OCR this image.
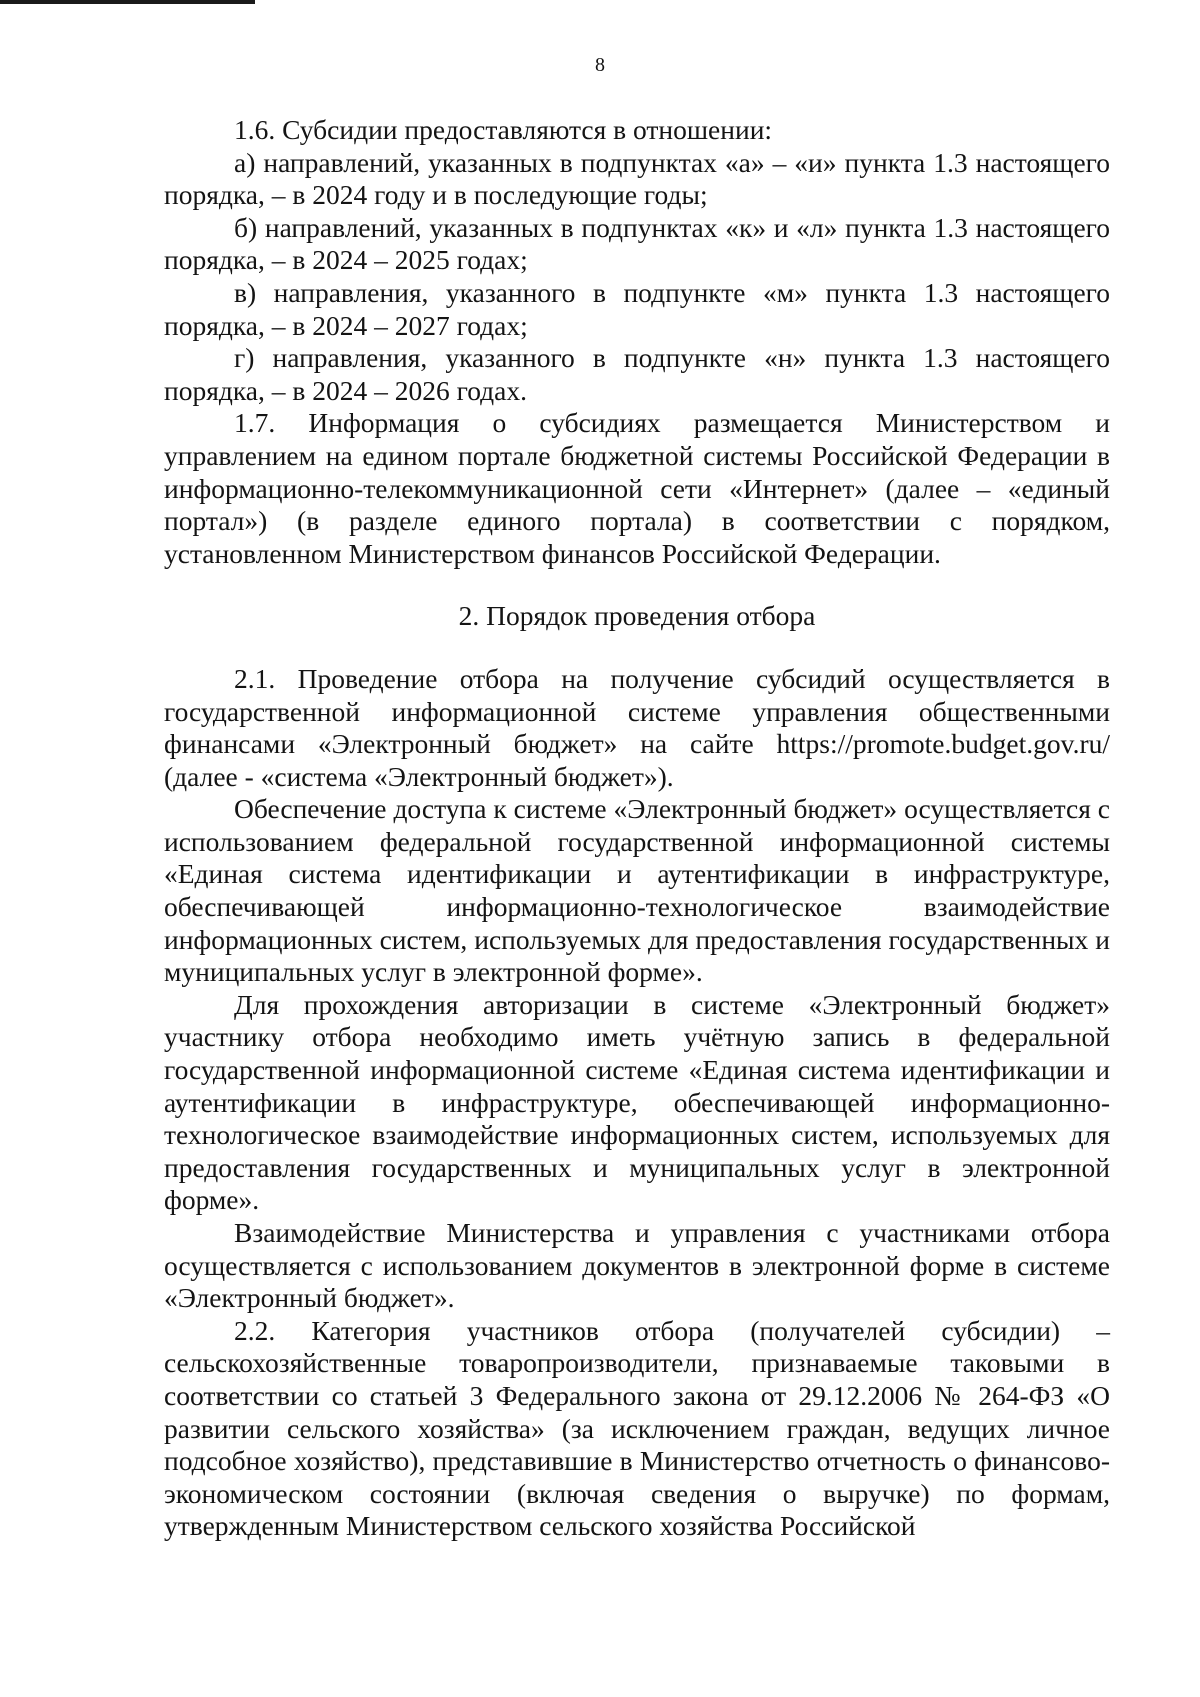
8

1.6. Субсидии предоставляются в отношении:

а) направлений, указанных в подпунктах «а» – «и» пункта 1.3 настоящего порядка, – в 2024 году и в последующие годы;

б) направлений, указанных в подпунктах «к» и «л» пункта 1.3 настоящего порядка, – в 2024 – 2025 годах;

в) направления, указанного в подпункте «м» пункта 1.3 настоящего порядка, – в 2024 – 2027 годах;

г) направления, указанного в подпункте «н» пункта 1.3 настоящего порядка, – в 2024 – 2026 годах.

1.7. Информация о субсидиях размещается Министерством и управлением на едином портале бюджетной системы Российской Федерации в информационно-телекоммуникационной сети «Интернет» (далее – «единый портал») (в разделе единого портала) в соответствии с порядком, установленном Министерством финансов Российской Федерации.

2. Порядок проведения отбора

2.1. Проведение отбора на получение субсидий осуществляется в государственной информационной системе управления общественными финансами «Электронный бюджет» на сайте https://promote.budget.gov.ru/ (далее - «система «Электронный бюджет»).

Обеспечение доступа к системе «Электронный бюджет» осуществляется с использованием федеральной государственной информационной системы «Единая система идентификации и аутентификации в инфраструктуре, обеспечивающей информационно-технологическое взаимодействие информационных систем, используемых для предоставления государственных и муниципальных услуг в электронной форме».

Для прохождения авторизации в системе «Электронный бюджет» участнику отбора необходимо иметь учётную запись в федеральной государственной информационной системе «Единая система идентификации и аутентификации в инфраструктуре, обеспечивающей информационно-технологическое взаимодействие информационных систем, используемых для предоставления государственных и муниципальных услуг в электронной форме».

Взаимодействие Министерства и управления с участниками отбора осуществляется с использованием документов в электронной форме в системе «Электронный бюджет».

2.2. Категория участников отбора (получателей субсидии) – сельскохозяйственные товаропроизводители, признаваемые таковыми в соответствии со статьей 3 Федерального закона от 29.12.2006 № 264-ФЗ «О развитии сельского хозяйства» (за исключением граждан, ведущих личное подсобное хозяйство), представившие в Министерство отчетность о финансово-экономическом состоянии (включая сведения о выручке) по формам, утвержденным Министерством сельского хозяйства Российской
